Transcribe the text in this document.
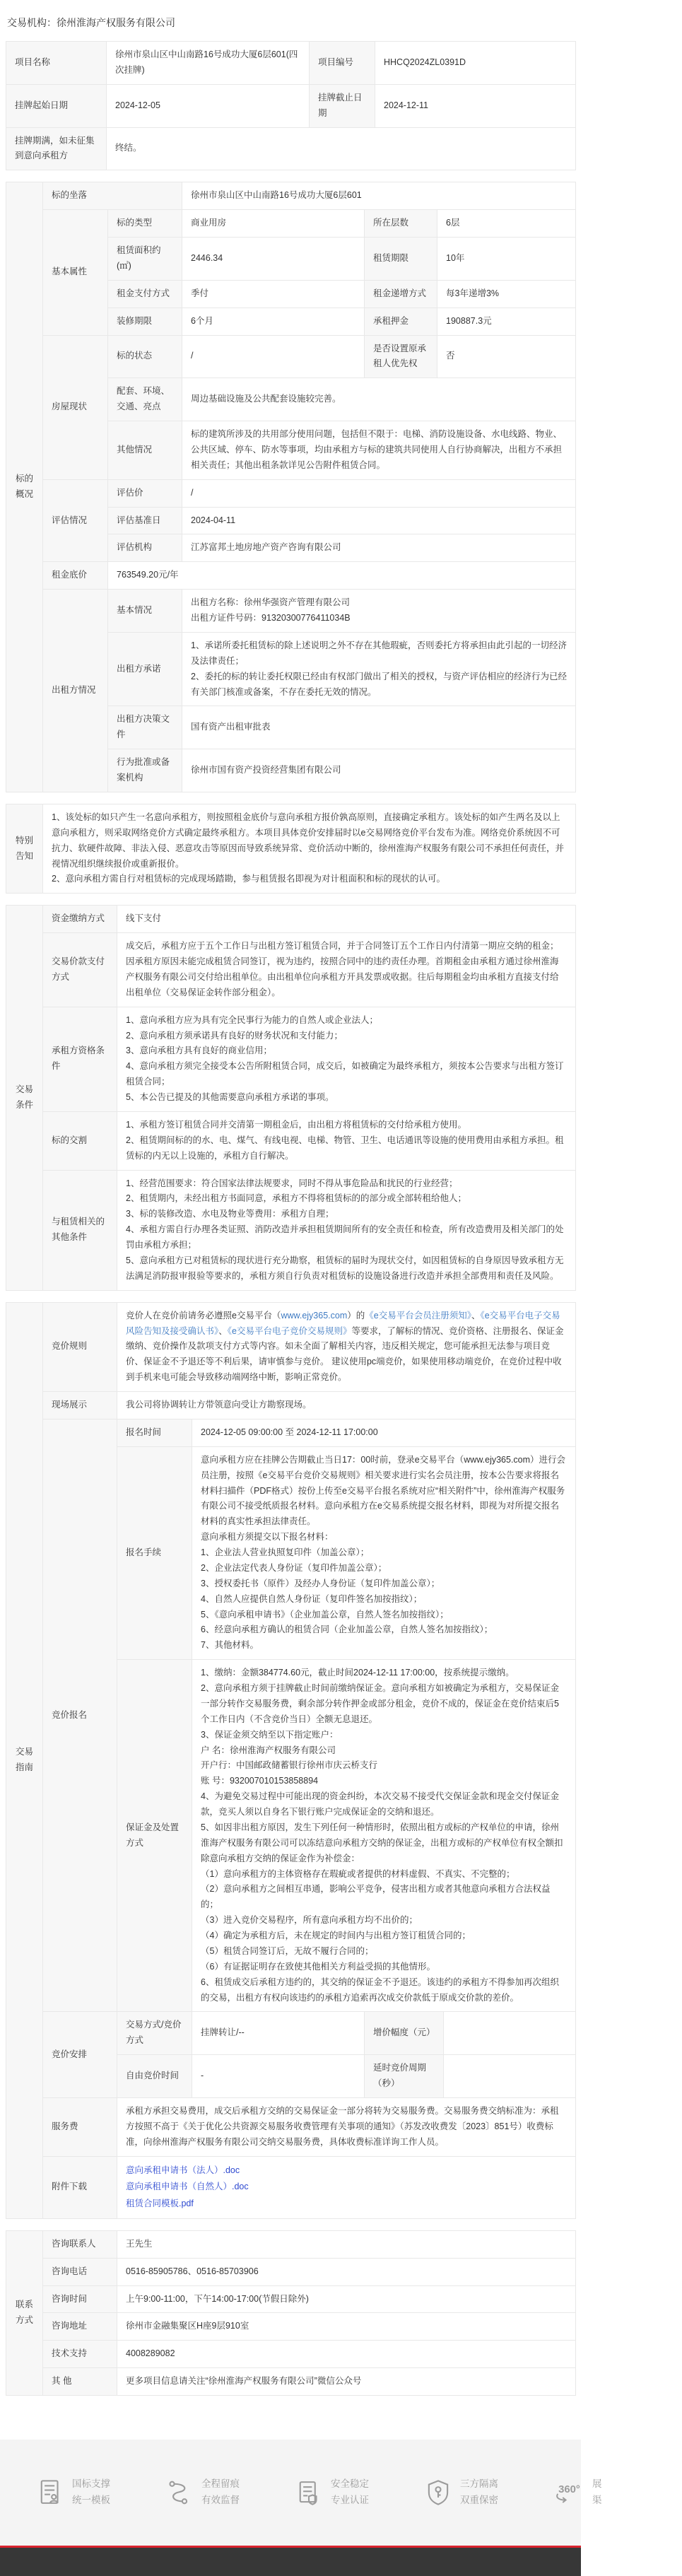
交易机构：徐州淮海产权服务有限公司
项目名称	徐州市泉山区中山南路16号成功大厦6层601(四次挂牌)	项目编号	HHCQ2024ZL0391D
挂牌起始日期	2024-12-05	挂牌截止日期	2024-12-11
挂牌期满，如未征集到意向承租方	终结。		
标的概况	标的坐落		徐州市泉山区中山南路16号成功大厦6层601		
	基本属性	标的类型	商业用房	所在层数	6层
		租赁面积约(㎡)	2446.34	租赁期限	10年
		租金支付方式	季付	租金递增方式	每3年递增3%
		装修期限	6个月	承租押金	190887.3元
	房屋现状	标的状态	/	是否设置原承租人优先权	否
		配套、环境、交通、亮点	周边基础设施及公共配套设施较完善。		
		其他情况	标的建筑所涉及的共用部分使用问题，包括但不限于：电梯、消防设施设备、水电线路、物业、公共区域、停车、防水等事项，均由承租方与标的建筑共同使用人自行协商解决，出租方不承担相关责任；其他出租条款详见公告附件租赁合同。		
	评估情况	评估价	/		
		评估基准日	2024-04-11		
		评估机构	江苏富邦土地房地产资产咨询有限公司		
	租金底价	763549.20元/年			
	出租方情况	基本情况	出租方名称：徐州华强资产管理有限公司
出租方证件号码：91320300776411034B		
		出租方承诺	1、承诺所委托租赁标的除上述说明之外不存在其他瑕疵，否则委托方将承担由此引起的一切经济及法律责任；
2、委托的标的转让委托权限已经由有权部门做出了相关的授权，与资产评估相应的经济行为已经有关部门核准或备案，不存在委托无效的情况。		
		出租方决策文件	国有资产出租审批表		
		行为批准或备案机构	徐州市国有资产投资经营集团有限公司		
特别告知	1、该处标的如只产生一名意向承租方，则按照租金底价与意向承租方报价孰高原则，直接确定承租方。该处标的如产生两名及以上意向承租方，则采取网络竞价方式确定最终承租方。本项目具体竞价安排届时以e交易网络竞价平台发布为准。网络竞价系统因不可抗力、软硬件故障、非法入侵、恶意攻击等原因而导致系统异常、竞价活动中断的，徐州淮海产权服务有限公司不承担任何责任，并视情况组织继续报价或重新报价。
2、意向承租方需自行对租赁标的完成现场踏勘，参与租赁报名即视为对计租面积和标的现状的认可。
交易条件	资金缴纳方式	线下支付
	交易价款支付方式	成交后，承租方应于五个工作日与出租方签订租赁合同，并于合同签订五个工作日内付清第一期应交纳的租金；因承租方原因未能完成租赁合同签订，视为违约，按照合同中的违约责任办理。首期租金由承租方通过徐州淮海产权服务有限公司交付给出租单位。由出租单位向承租方开具发票或收据。往后每期租金均由承租方直接支付给出租单位（交易保证金转作部分租金）。
	承租方资格条件	1、意向承租方应为具有完全民事行为能力的自然人或企业法人；
2、意向承租方须承诺具有良好的财务状况和支付能力；
3、意向承租方具有良好的商业信用；
4、意向承租方须完全接受本公告所附租赁合同，成交后，如被确定为最终承租方，须按本公告要求与出租方签订租赁合同；
5、本公告已提及的其他需要意向承租方承诺的事项。
	标的交割	1、承租方签订租赁合同并交清第一期租金后，由出租方将租赁标的交付给承租方使用。
2、租赁期间标的的水、电、煤气、有线电视、电梯、物管、卫生、电话通讯等设施的使用费用由承租方承担。租赁标的内无以上设施的，承租方自行解决。
	与租赁相关的其他条件	1、经营范围要求：符合国家法律法规要求，同时不得从事危险品和扰民的行业经营；
2、租赁期内，未经出租方书面同意，承租方不得将租赁标的的部分或全部转租给他人；
3、标的装修改造、水电及物业等费用：承租方自理；
4、承租方需自行办理各类证照、消防改造并承担租赁期间所有的安全责任和检查，所有改造费用及相关部门的处罚由承租方承担；
5、意向承租方已对租赁标的现状进行充分勘察，租赁标的届时为现状交付，如因租赁标的自身原因导致承租方无法满足消防报审报验等要求的，承租方须自行负责对租赁标的设施设备进行改造并承担全部费用和责任及风险。
交易指南	竞价规则	竞价人在竞价前请务必遵照e交易平台（www.ejy365.com）的《e交易平台会员注册须知》、《e交易平台电子交易风险告知及接受确认书》、《e交易平台电子竞价交易规则》等要求，了解标的情况、竞价资格、注册报名、保证金缴纳、竞价操作及款项支付方式等内容。如未全面了解相关内容，违反相关规定，您可能承担无法参与项目竞价、保证金不予退还等不利后果，请审慎参与竞价。 建议使用pc端竞价，如果使用移动端竞价，在竞价过程中收到手机来电可能会导致移动端网络中断，影响正常竞价。			
	现场展示	我公司将协调转让方带领意向受让方勘察现场。			
	竞价报名	报名时间	2024-12-05 09:00:00 至 2024-12-11 17:00:00		
报名手续	意向承租方应在挂牌公告期截止当日17：00时前，登录e交易平台（www.ejy365.com）进行会员注册，按照《e交易平台竞价交易规则》相关要求进行实名会员注册，按本公告要求将报名材料扫描件（PDF格式）按份上传至e交易平台报名系统对应“相关附件”中，徐州淮海产权服务有限公司不接受纸质报名材料。意向承租方在e交易系统提交报名材料，即视为对所提交报名材料的真实性承担法律责任。
意向承租方须提交以下报名材料：
1、企业法人营业执照复印件（加盖公章）；
2、企业法定代表人身份证（复印件加盖公章）；
3、授权委托书（原件）及经办人身份证（复印件加盖公章）；
4、自然人应提供自然人身份证（复印件签名加按指纹）；
5、《意向承租申请书》（企业加盖公章，自然人签名加按指纹）；
6、经意向承租方确认的租赁合同（企业加盖公章，自然人签名加按指纹）；
7、其他材料。
保证金及处置方式	1、缴纳：金额384774.60元，截止时间2024-12-11 17:00:00，按系统提示缴纳。
2、意向承租方须于挂牌截止时间前缴纳保证金。意向承租方如被确定为承租方，交易保证金一部分转作交易服务费，剩余部分转作押金或部分租金，竞价不成的，保证金在竞价结束后5个工作日内（不含竞价当日）全额无息退还。
3、保证金须交纳至以下指定账户：
户 名：徐州淮海产权服务有限公司
开户行：中国邮政储蓄银行徐州市庆云桥支行
账 号：932007010153858894
4、为避免交易过程中可能出现的资金纠纷，本次交易不接受代交保证金款和现金交付保证金款，竞买人须以自身名下银行账户完成保证金的交纳和退还。
5、如因非出租方原因，发生下列任何一种情形时，依照出租方或标的产权单位的申请，徐州淮海产权服务有限公司可以冻结意向承租方交纳的保证金，出租方或标的产权单位有权全额扣除意向承租方交纳的保证金作为补偿金：
（1）意向承租方的主体资格存在瑕疵或者提供的材料虚假、不真实、不完整的；
（2）意向承租方之间相互串通，影响公平竞争，侵害出租方或者其他意向承租方合法权益的；
（3）进入竞价交易程序，所有意向承租方均不出价的；
（4）确定为承租方后，未在规定的时间内与出租方签订租赁合同的；
（5）租赁合同签订后，无故不履行合同的；
（6）有证据证明存在致使其他相关方利益受损的其他情形。
6、租赁成交后承租方违约的，其交纳的保证金不予退还。该违约的承租方不得参加再次组织的交易，出租方有权向该违约的承租方追索再次成交价款低于原成交价款的差价。
	竞价安排	交易方式/竞价方式	挂牌转让/--	增价幅度（元）	
		自由竞价时间	-	延时竞价周期（秒）	
	服务费	承租方承担交易费用，成交后承租方交纳的交易保证金一部分将转为交易服务费。交易服务费交纳标准为：承租方按照不高于《关于优化公共资源交易服务收费管理有关事项的通知》（苏发改收费发〔2023〕851号）收费标准，向徐州淮海产权服务有限公司交纳交易服务费，具体收费标准详询工作人员。			
	附件下载	意向承租申请书（法人）.doc
意向承租申请书（自然人）.doc
租赁合同模板.pdf			
联系方式	咨询联系人	王先生
	咨询电话	0516-85905786、0516-85703906
	咨询时间	上午9:00-11:00，下午14:00-17:00(节假日除外)
	咨询地址	徐州市金融集聚区H座9层910室
	技术支持	4008289082
	其 他	更多项目信息请关注“徐州淮海产权服务有限公司”微信公众号
国标支撑
统一模板
全程留痕
有效监督
安全稳定
专业认证
三方隔离
双重保密
360°
展
渠
